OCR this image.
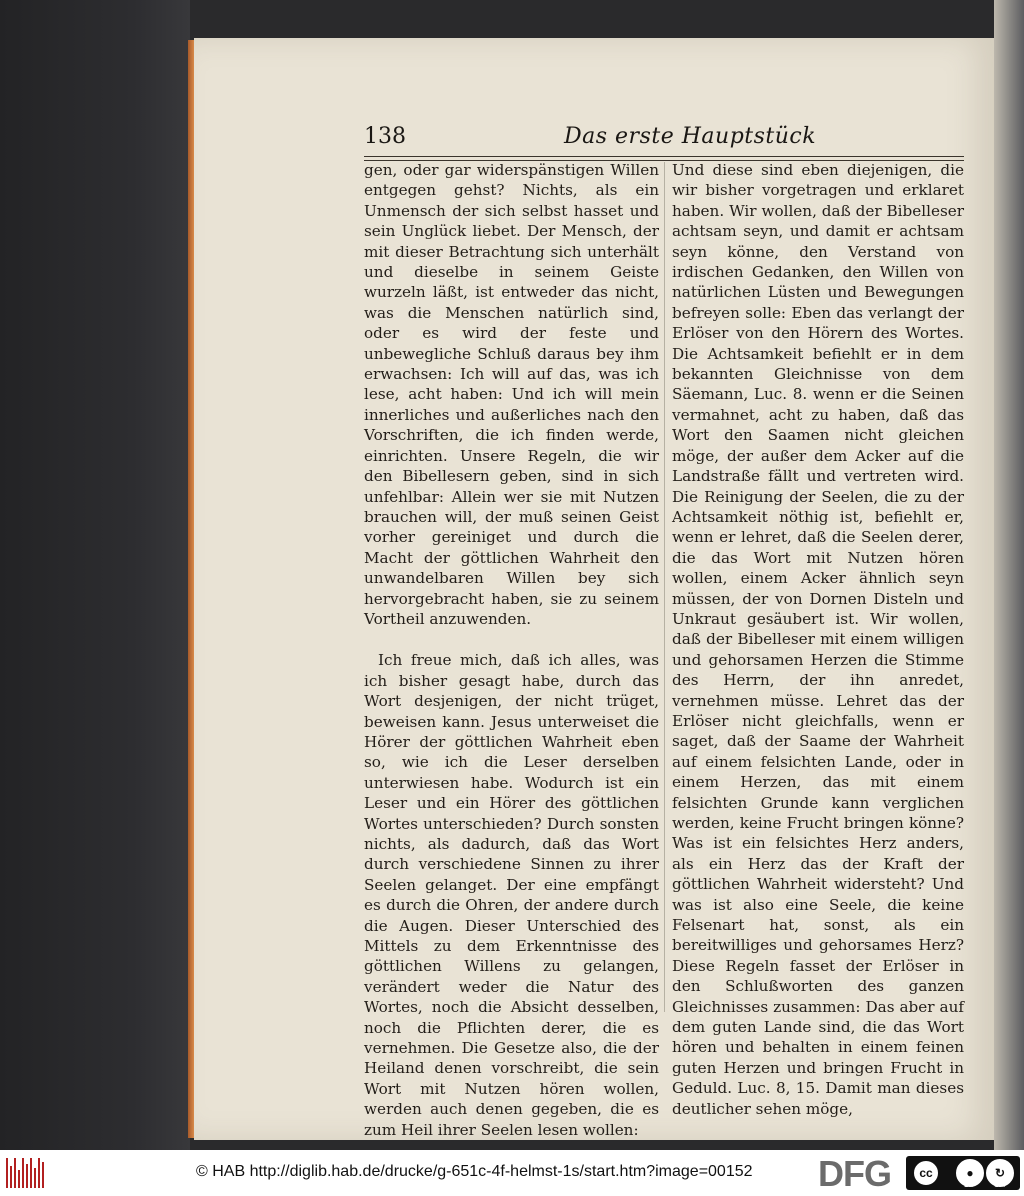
138	Das erste Hauptstück

gen, oder gar widerspänstigen Willen entgegen gehst? Nichts, als ein Unmensch der sich selbst hasset und sein Unglück liebet. Der Mensch, der mit dieser Betrachtung sich unterhält und dieselbe in seinem Geiste wurzeln läßt, ist entweder das nicht, was die Menschen natürlich sind, oder es wird der feste und unbewegliche Schluß daraus bey ihm erwachsen: Ich will auf das, was ich lese, acht haben: Und ich will mein innerliches und außerliches nach den Vorschriften, die ich finden werde, einrichten. Unsere Regeln, die wir den Bibellesern geben, sind in sich unfehlbar: Allein wer sie mit Nutzen brauchen will, der muß seinen Geist vorher gereiniget und durch die Macht der göttlichen Wahrheit den unwandelbaren Willen bey sich hervorgebracht haben, sie zu seinem Vortheil anzuwenden.

Ich freue mich, daß ich alles, was ich bisher gesagt habe, durch das Wort desjenigen, der nicht trüget, beweisen kann. Jesus unterweiset die Hörer der göttlichen Wahrheit eben so, wie ich die Leser derselben unterwiesen habe. Wodurch ist ein Leser und ein Hörer des göttlichen Wortes unterschieden? Durch sonsten nichts, als dadurch, daß das Wort durch verschiedene Sinnen zu ihrer Seelen gelanget. Der eine empfängt es durch die Ohren, der andere durch die Augen. Dieser Unterschied des Mittels zu dem Erkenntnisse des göttlichen Willens zu gelangen, verändert weder die Natur des Wortes, noch die Absicht desselben, noch die Pflichten derer, die es vernehmen. Die Gesetze also, die der Heiland denen vorschreibt, die sein Wort mit Nutzen hören wollen, werden auch denen gegeben, die es zum Heil ihrer Seelen lesen wollen:

Und diese sind eben diejenigen, die wir bisher vorgetragen und erklaret haben. Wir wollen, daß der Bibelleser achtsam seyn, und damit er achtsam seyn könne, den Verstand von irdischen Gedanken, den Willen von natürlichen Lüsten und Bewegungen befreyen solle: Eben das verlangt der Erlöser von den Hörern des Wortes. Die Achtsamkeit befiehlt er in dem bekannten Gleichnisse von dem Säemann, Luc. 8. wenn er die Seinen vermahnet, acht zu haben, daß das Wort den Saamen nicht gleichen möge, der außer dem Acker auf die Landstraße fällt und vertreten wird. Die Reinigung der Seelen, die zu der Achtsamkeit nöthig ist, befiehlt er, wenn er lehret, daß die Seelen derer, die das Wort mit Nutzen hören wollen, einem Acker ähnlich seyn müssen, der von Dornen Disteln und Unkraut gesäubert ist. Wir wollen, daß der Bibelleser mit einem willigen und gehorsamen Herzen die Stimme des Herrn, der ihn anredet, vernehmen müsse. Lehret das der Erlöser nicht gleichfalls, wenn er saget, daß der Saame der Wahrheit auf einem felsichten Lande, oder in einem Herzen, das mit einem felsichten Grunde kann verglichen werden, keine Frucht bringen könne? Was ist ein felsichtes Herz anders, als ein Herz das der Kraft der göttlichen Wahrheit widersteht? Und was ist also eine Seele, die keine Felsenart hat, sonst, als ein bereitwilliges und gehorsames Herz? Diese Regeln fasset der Erlöser in den Schlußworten des ganzen Gleichnisses zusammen: Das aber auf dem guten Lande sind, die das Wort hören und behalten in einem feinen guten Herzen und bringen Frucht in Geduld. Luc. 8, 15. Damit man dieses deutlicher sehen möge,

© HAB http://diglib.hab.de/drucke/g-651c-4f-helmst-1s/start.htm?image=00152 DFG	cc	●	↻
BY SA
